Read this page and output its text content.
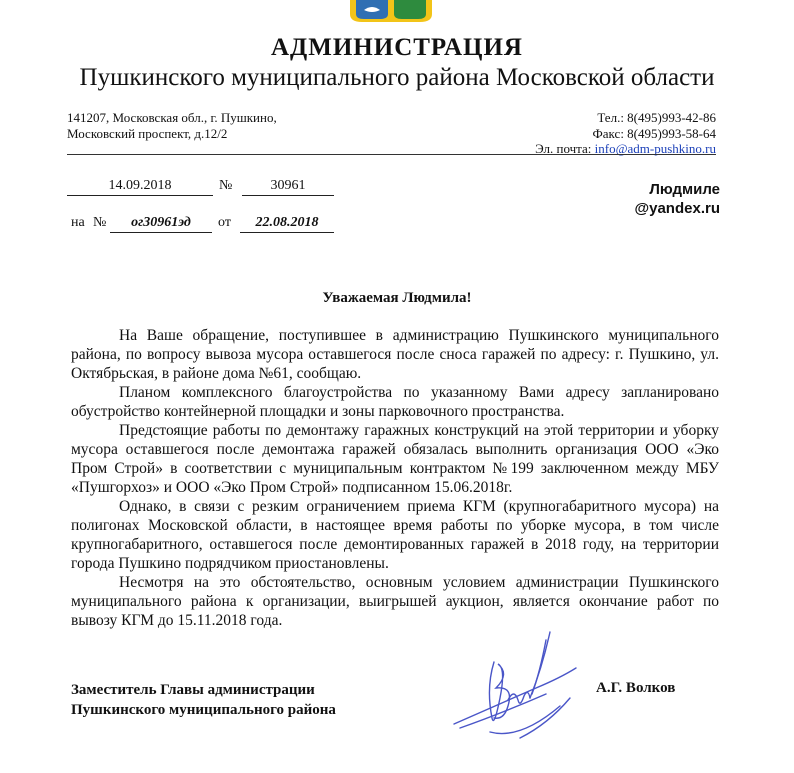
АДМИНИСТРАЦИЯ
Пушкинского муниципального района Московской области
141207, Московская обл., г. Пушкино,
Московский проспект, д.12/2
Тел.: 8(495)993-42-86
Факс: 8(495)993-58-64
Эл. почта: info@adm-pushkino.ru
14.09.2018	№	30961
на №	ог30961эд	от	22.08.2018
Людмиле
@yandex.ru
Уважаемая Людмила!

На Ваше обращение, поступившее в администрацию Пушкинского муниципального района, по вопросу вывоза мусора оставшегося после сноса гаражей по адресу: г. Пушкино, ул. Октябрьская, в районе дома №61, сообщаю.

Планом комплексного благоустройства по указанному Вами адресу запланировано обустройство контейнерной площадки и зоны парковочного пространства.

Предстоящие работы по демонтажу гаражных конструкций на этой территории и уборку мусора оставшегося после демонтажа гаражей обязалась выполнить организация ООО «Эко Пром Строй» в соответствии с муниципальным контрактом №199 заключенном между МБУ «Пушгорхоз» и ООО «Эко Пром Строй» подписанном 15.06.2018г.

Однако, в связи с резким ограничением приема КГМ (крупногабаритного мусора) на полигонах Московской области, в настоящее время работы по уборке мусора, в том числе крупногабаритного, оставшегося после демонтированных гаражей в 2018 году, на территории города Пушкино подрядчиком приостановлены.

Несмотря на это обстоятельство, основным условием администрации Пушкинского муниципального района к организации, выигрышей аукцион, является окончание работ по вывозу КГМ до 15.11.2018 года.

Заместитель Главы администрации
Пушкинского муниципального района
А.Г. Волков
